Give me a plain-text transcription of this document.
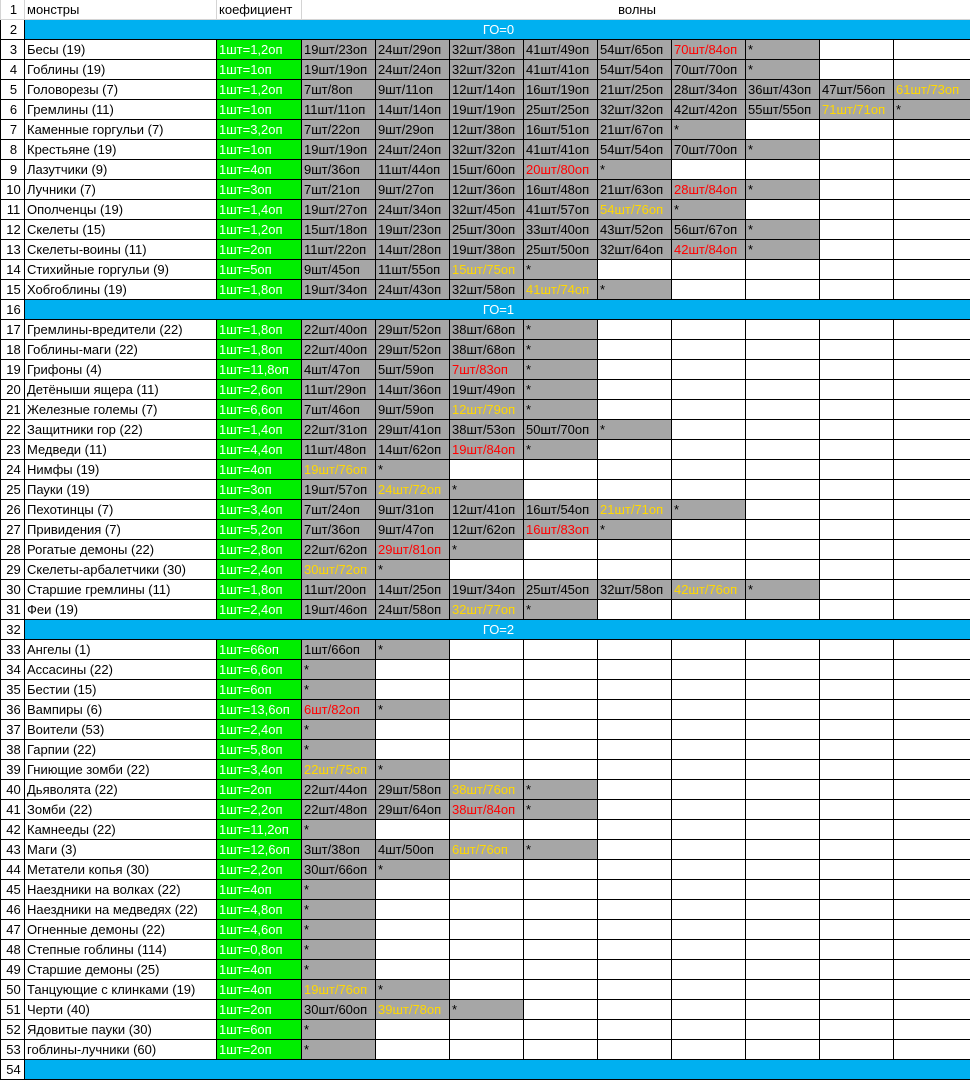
1	монстры	коефициент	волны								
2	ГО=0										
3	Бесы (19)	1шт=1,2оп	19шт/23оп	24шт/29оп	32шт/38оп	41шт/49оп	54шт/65оп	70шт/84оп	*		
4	Гоблины (19)	1шт=1оп	19шт/19оп	24шт/24оп	32шт/32оп	41шт/41оп	54шт/54оп	70шт/70оп	*		
5	Головорезы (7)	1шт=1,2оп	7шт/8оп	9шт/11оп	12шт/14оп	16шт/19оп	21шт/25оп	28шт/34оп	36шт/43оп	47шт/56оп	61шт/73оп
6	Гремлины (11)	1шт=1оп	11шт/11оп	14шт/14оп	19шт/19оп	25шт/25оп	32шт/32оп	42шт/42оп	55шт/55оп	71шт/71оп	*
7	Каменные горгульи (7)	1шт=3,2оп	7шт/22оп	9шт/29оп	12шт/38оп	16шт/51оп	21шт/67оп	*			
8	Крестьяне (19)	1шт=1оп	19шт/19оп	24шт/24оп	32шт/32оп	41шт/41оп	54шт/54оп	70шт/70оп	*		
9	Лазутчики (9)	1шт=4оп	9шт/36оп	11шт/44оп	15шт/60оп	20шт/80оп	*				
10	Лучники (7)	1шт=3оп	7шт/21оп	9шт/27оп	12шт/36оп	16шт/48оп	21шт/63оп	28шт/84оп	*		
11	Ополченцы (19)	1шт=1,4оп	19шт/27оп	24шт/34оп	32шт/45оп	41шт/57оп	54шт/76оп	*			
12	Скелеты (15)	1шт=1,2оп	15шт/18оп	19шт/23оп	25шт/30оп	33шт/40оп	43шт/52оп	56шт/67оп	*		
13	Скелеты-воины (11)	1шт=2оп	11шт/22оп	14шт/28оп	19шт/38оп	25шт/50оп	32шт/64оп	42шт/84оп	*		
14	Стихийные горгульи (9)	1шт=5оп	9шт/45оп	11шт/55оп	15шт/75оп	*					
15	Хобгоблины (19)	1шт=1,8оп	19шт/34оп	24шт/43оп	32шт/58оп	41шт/74оп	*				
16	ГО=1										
17	Гремлины-вредители (22)	1шт=1,8оп	22шт/40оп	29шт/52оп	38шт/68оп	*					
18	Гоблины-маги (22)	1шт=1,8оп	22шт/40оп	29шт/52оп	38шт/68оп	*					
19	Грифоны (4)	1шт=11,8оп	4шт/47оп	5шт/59оп	7шт/83оп	*					
20	Детёныши ящера (11)	1шт=2,6оп	11шт/29оп	14шт/36оп	19шт/49оп	*					
21	Железные големы (7)	1шт=6,6оп	7шт/46оп	9шт/59оп	12шт/79оп	*					
22	Защитники гор (22)	1шт=1,4оп	22шт/31оп	29шт/41оп	38шт/53оп	50шт/70оп	*				
23	Медведи (11)	1шт=4,4оп	11шт/48оп	14шт/62оп	19шт/84оп	*					
24	Нимфы (19)	1шт=4оп	19шт/76оп	*							
25	Пауки (19)	1шт=3оп	19шт/57оп	24шт/72оп	*						
26	Пехотинцы (7)	1шт=3,4оп	7шт/24оп	9шт/31оп	12шт/41оп	16шт/54оп	21шт/71оп	*			
27	Привидения (7)	1шт=5,2оп	7шт/36оп	9шт/47оп	12шт/62оп	16шт/83оп	*				
28	Рогатые демоны (22)	1шт=2,8оп	22шт/62оп	29шт/81оп	*						
29	Скелеты-арбалетчики (30)	1шт=2,4оп	30шт/72оп	*							
30	Старшие гремлины (11)	1шт=1,8оп	11шт/20оп	14шт/25оп	19шт/34оп	25шт/45оп	32шт/58оп	42шт/76оп	*		
31	Феи (19)	1шт=2,4оп	19шт/46оп	24шт/58оп	32шт/77оп	*					
32	ГО=2										
33	Ангелы (1)	1шт=66оп	1шт/66оп	*							
34	Ассасины (22)	1шт=6,6оп	*								
35	Бестии (15)	1шт=6оп	*								
36	Вампиры (6)	1шт=13,6оп	6шт/82оп	*							
37	Воители (53)	1шт=2,4оп	*								
38	Гарпии (22)	1шт=5,8оп	*								
39	Гниющие зомби (22)	1шт=3,4оп	22шт/75оп	*							
40	Дьяволята (22)	1шт=2оп	22шт/44оп	29шт/58оп	38шт/76оп	*					
41	Зомби (22)	1шт=2,2оп	22шт/48оп	29шт/64оп	38шт/84оп	*					
42	Камнееды (22)	1шт=11,2оп	*								
43	Маги (3)	1шт=12,6оп	3шт/38оп	4шт/50оп	6шт/76оп	*					
44	Метатели копья (30)	1шт=2,2оп	30шт/66оп	*							
45	Наездники на волках (22)	1шт=4оп	*								
46	Наездники на медведях (22)	1шт=4,8оп	*								
47	Огненные демоны (22)	1шт=4,6оп	*								
48	Степные гоблины (114)	1шт=0,8оп	*								
49	Старшие демоны (25)	1шт=4оп	*								
50	Танцующие с клинками (19)	1шт=4оп	19шт/76оп	*							
51	Черти (40)	1шт=2оп	30шт/60оп	39шт/78оп	*						
52	Ядовитые пауки (30)	1шт=6оп	*								
53	гоблины-лучники (60)	1шт=2оп	*								
54											
